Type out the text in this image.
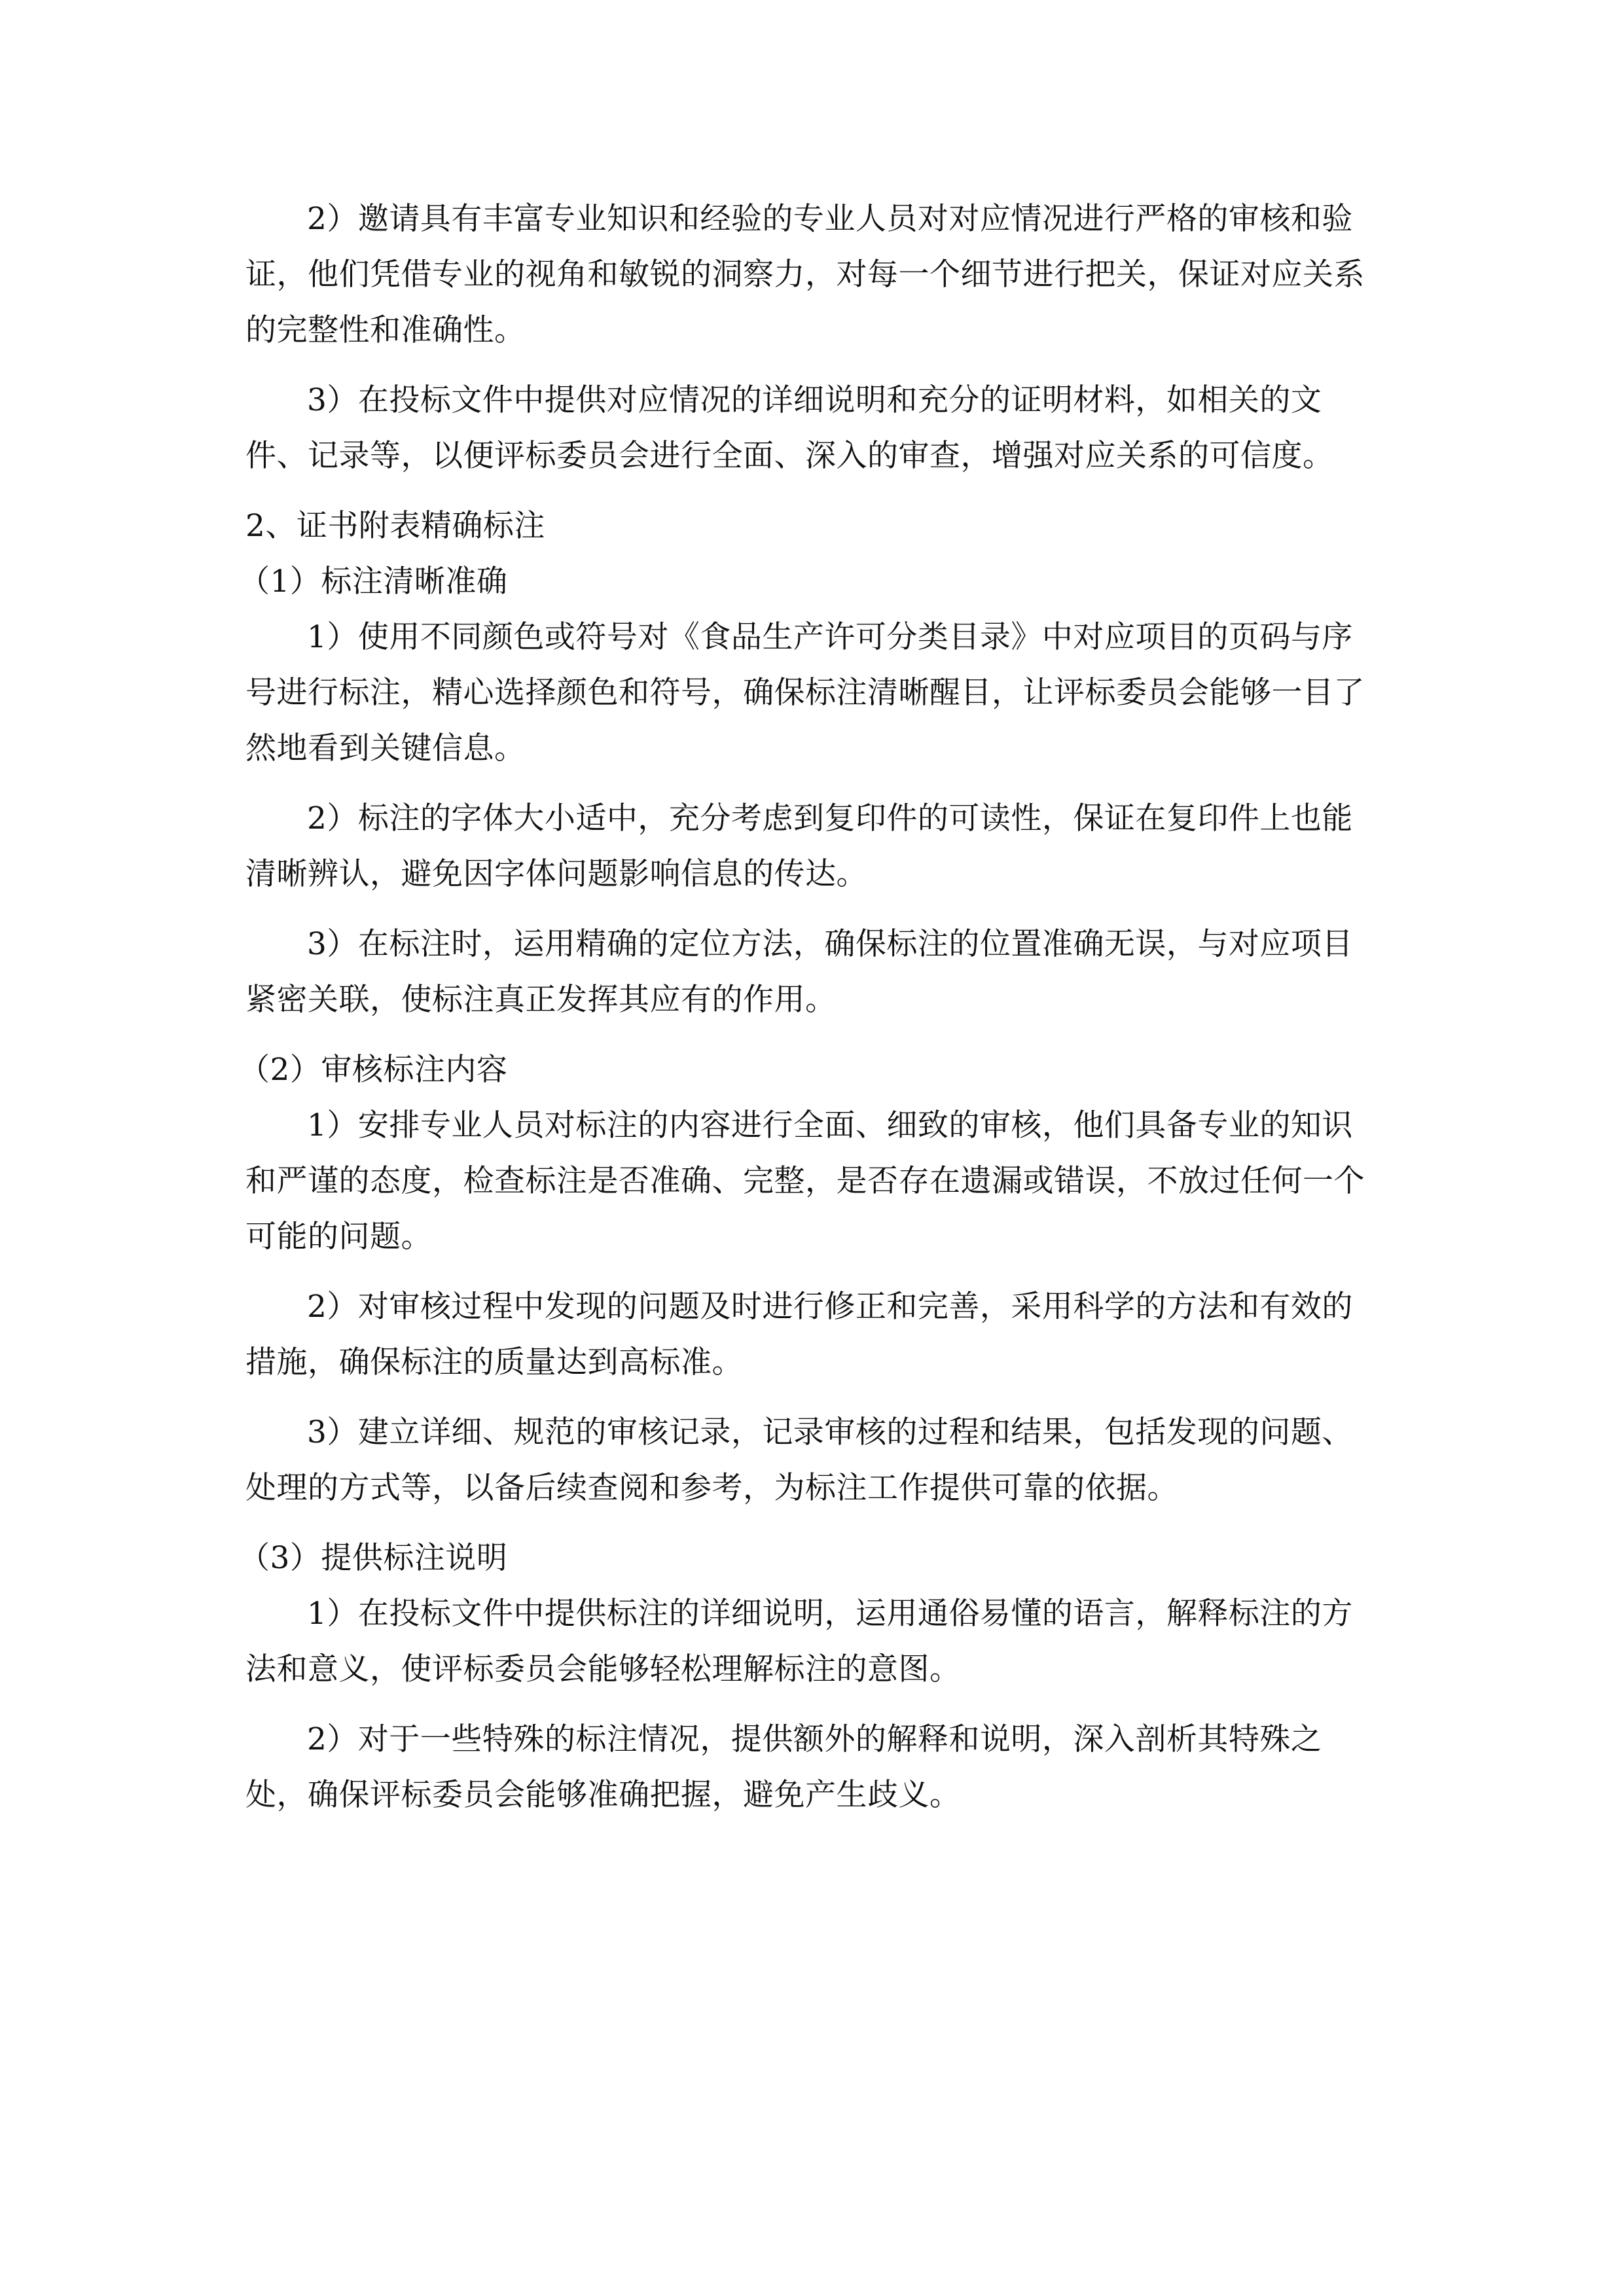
2）邀请具有丰富专业知识和经验的专业人员对对应情况进行严格的审核和验证，他们凭借专业的视角和敏锐的洞察力，对每一个细节进行把关，保证对应关系的完整性和准确性。

3）在投标文件中提供对应情况的详细说明和充分的证明材料，如相关的文件、记录等，以便评标委员会进行全面、深入的审查，增强对应关系的可信度。

2、证书附表精确标注

（1）标注清晰准确

1）使用不同颜色或符号对《食品生产许可分类目录》中对应项目的页码与序号进行标注，精心选择颜色和符号，确保标注清晰醒目，让评标委员会能够一目了然地看到关键信息。

2）标注的字体大小适中，充分考虑到复印件的可读性，保证在复印件上也能清晰辨认，避免因字体问题影响信息的传达。

3）在标注时，运用精确的定位方法，确保标注的位置准确无误，与对应项目紧密关联，使标注真正发挥其应有的作用。

（2）审核标注内容

1）安排专业人员对标注的内容进行全面、细致的审核，他们具备专业的知识和严谨的态度，检查标注是否准确、完整，是否存在遗漏或错误，不放过任何一个可能的问题。

2）对审核过程中发现的问题及时进行修正和完善，采用科学的方法和有效的措施，确保标注的质量达到高标准。

3）建立详细、规范的审核记录，记录审核的过程和结果，包括发现的问题、处理的方式等，以备后续查阅和参考，为标注工作提供可靠的依据。

（3）提供标注说明

1）在投标文件中提供标注的详细说明，运用通俗易懂的语言，解释标注的方法和意义，使评标委员会能够轻松理解标注的意图。

2）对于一些特殊的标注情况，提供额外的解释和说明，深入剖析其特殊之处，确保评标委员会能够准确把握，避免产生歧义。
